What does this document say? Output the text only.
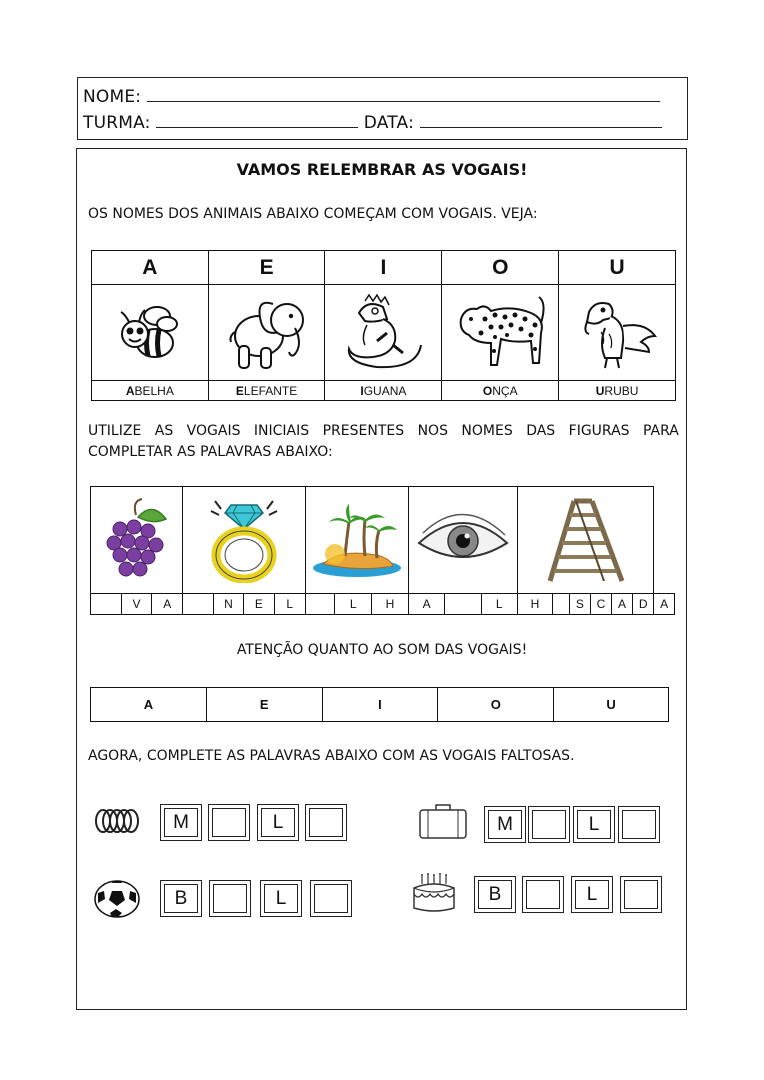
NOME:
TURMA:	DATA:
VAMOS RELEMBRAR AS VOGAIS!
OS NOMES DOS ANIMAIS ABAIXO COMEÇAM COM VOGAIS. VEJA:
A	E	I	O	U

ABELHA	ELEFANTE	IGUANA	ONÇA	URUBU
UTILIZE AS VOGAIS INICIAIS PRESENTES NOS NOMES DAS FIGURAS PARA
COMPLETAR AS PALAVRAS ABAIXO:

	V	A		N	E	L		L	H	A		L	H		S	C	A	D	A
ATENÇÃO QUANTO AO SOM DAS VOGAIS!
A	E	I	O	U
AGORA, COMPLETE AS PALAVRAS ABAIXO COM AS VOGAIS FALTOSAS.
M	L	M	L
B	L	B	L
